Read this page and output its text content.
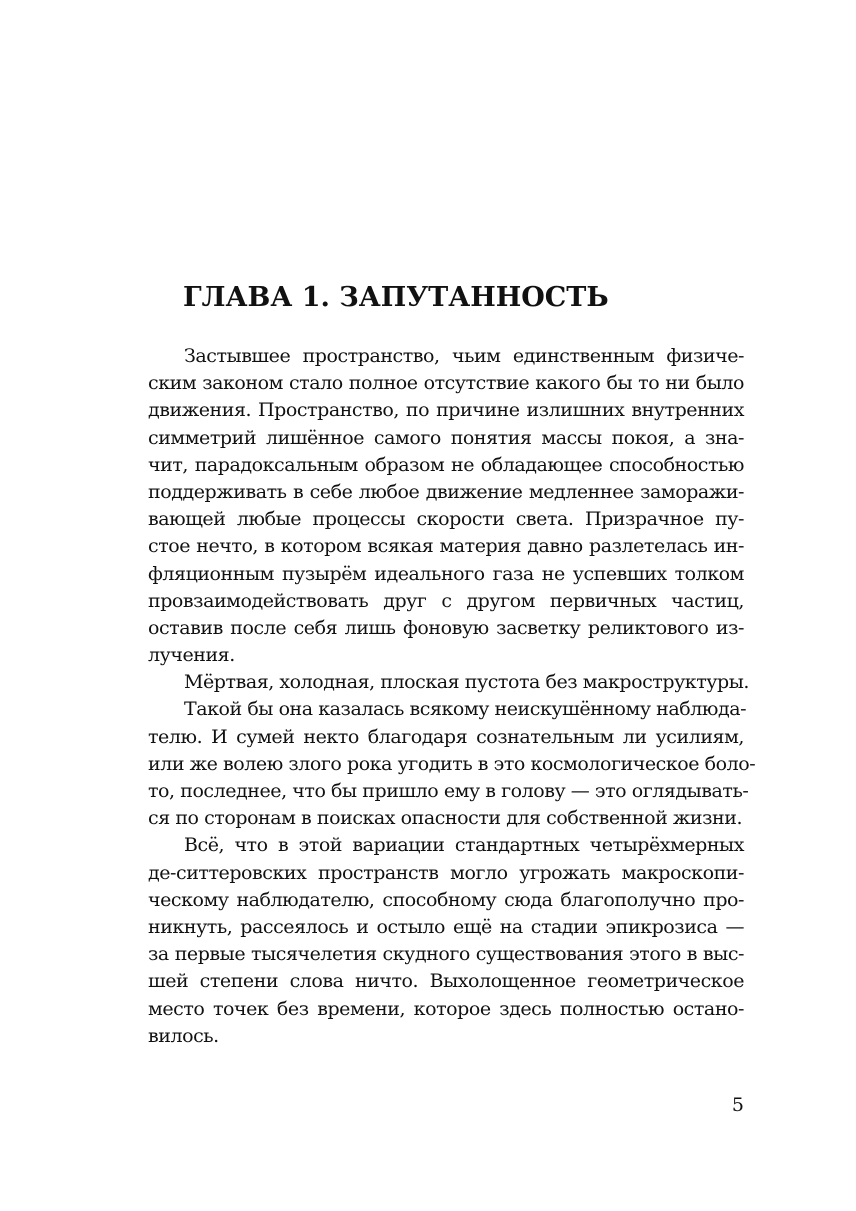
ГЛАВА 1. ЗАПУТАННОСТЬ
Застывшее пространство, чьим единственным физиче-
ским законом стало полное отсутствие какого бы то ни было
движения. Пространство, по причине излишних внутренних
симметрий лишённое самого понятия массы покоя, а зна-
чит, парадоксальным образом не обладающее способностью
поддерживать в себе любое движение медленнее заморажи-
вающей любые процессы скорости света. Призрачное пу-
стое нечто, в котором всякая материя давно разлетелась ин-
фляционным пузырём идеального газа не успевших толком
провзаимодействовать друг с другом первичных частиц,
оставив после себя лишь фоновую засветку реликтового из-
лучения.
Мёртвая, холодная, плоская пустота без макроструктуры.
Такой бы она казалась всякому неискушённому наблюда-
телю. И сумей некто благодаря сознательным ли усилиям,
или же волею злого рока угодить в это космологическое боло-
то, последнее, что бы пришло ему в голову — это оглядывать-
ся по сторонам в поисках опасности для собственной жизни.
Всё, что в этой вариации стандартных четырёхмерных
де-ситтеровских пространств могло угрожать макроскопи-
ческому наблюдателю, способному сюда благополучно про-
никнуть, рассеялось и остыло ещё на стадии эпикрозиса —
за первые тысячелетия скудного существования этого в выс-
шей степени слова ничто. Выхолощенное геометрическое
место точек без времени, которое здесь полностью остано-
вилось.
5
